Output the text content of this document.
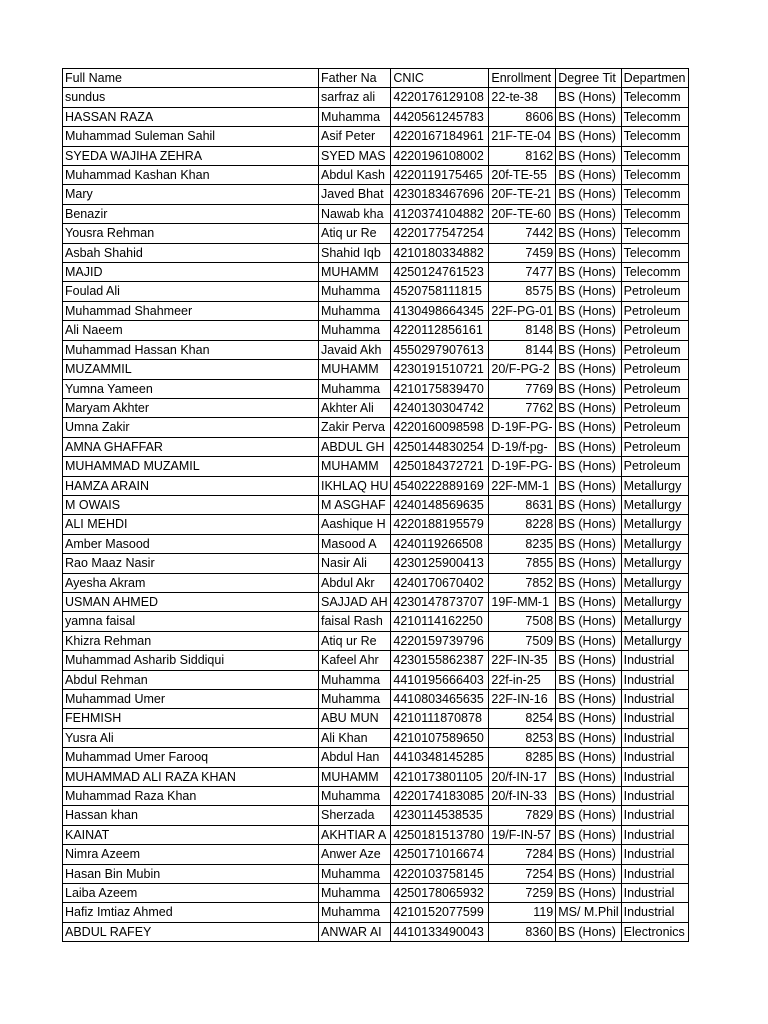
Full Name	Father Na	CNIC	Enrollment	Degree Tit	Departmen
sundus	sarfraz ali	4220176129108	22-te-38	BS (Hons)	Telecomm
HASSAN RAZA	Muhamma	4420561245783	8606	BS (Hons)	Telecomm
Muhammad Suleman Sahil	Asif Peter	4220167184961	21F-TE-04	BS (Hons)	Telecomm
SYEDA WAJIHA ZEHRA	SYED MAS	4220196108002	8162	BS (Hons)	Telecomm
Muhammad Kashan Khan	Abdul Kash	4220119175465	20f-TE-55	BS (Hons)	Telecomm
Mary	Javed Bhat	4230183467696	20F-TE-21	BS (Hons)	Telecomm
Benazir	Nawab kha	4120374104882	20F-TE-60	BS (Hons)	Telecomm
Yousra Rehman	Atiq ur Re	4220177547254	7442	BS (Hons)	Telecomm
Asbah Shahid	Shahid Iqb	4210180334882	7459	BS (Hons)	Telecomm
MAJID	MUHAMM	4250124761523	7477	BS (Hons)	Telecomm
Foulad Ali	Muhamma	4520758111815	8575	BS (Hons)	Petroleum
Muhammad Shahmeer	Muhamma	4130498664345	22F-PG-01	BS (Hons)	Petroleum
Ali Naeem	Muhamma	4220112856161	8148	BS (Hons)	Petroleum
Muhammad Hassan Khan	Javaid Akh	4550297907613	8144	BS (Hons)	Petroleum
MUZAMMIL	MUHAMM	4230191510721	20/F-PG-2	BS (Hons)	Petroleum
Yumna Yameen	Muhamma	4210175839470	7769	BS (Hons)	Petroleum
Maryam Akhter	Akhter Ali	4240130304742	7762	BS (Hons)	Petroleum
Umna Zakir	Zakir Perva	4220160098598	D-19F-PG-	BS (Hons)	Petroleum
AMNA GHAFFAR	ABDUL GH	4250144830254	D-19/f-pg-	BS (Hons)	Petroleum
MUHAMMAD MUZAMIL	MUHAMM	4250184372721	D-19F-PG-	BS (Hons)	Petroleum
HAMZA ARAIN	IKHLAQ HU	4540222889169	22F-MM-1	BS (Hons)	Metallurgy
M OWAIS	M ASGHAF	4240148569635	8631	BS (Hons)	Metallurgy
ALI MEHDI	Aashique H	4220188195579	8228	BS (Hons)	Metallurgy
Amber Masood	Masood A	4240119266508	8235	BS (Hons)	Metallurgy
Rao Maaz Nasir	Nasir Ali	4230125900413	7855	BS (Hons)	Metallurgy
Ayesha Akram	Abdul Akr	4240170670402	7852	BS (Hons)	Metallurgy
USMAN AHMED	SAJJAD AH	4230147873707	19F-MM-1	BS (Hons)	Metallurgy
yamna faisal	faisal Rash	4210114162250	7508	BS (Hons)	Metallurgy
Khizra Rehman	Atiq ur Re	4220159739796	7509	BS (Hons)	Metallurgy
Muhammad Asharib Siddiqui	Kafeel Ahr	4230155862387	22F-IN-35	BS (Hons)	Industrial
Abdul Rehman	Muhamma	4410195666403	22f-in-25	BS (Hons)	Industrial
Muhammad Umer	Muhamma	4410803465635	22F-IN-16	BS (Hons)	Industrial
FEHMISH	ABU MUN	4210111870878	8254	BS (Hons)	Industrial
Yusra Ali	Ali Khan	4210107589650	8253	BS (Hons)	Industrial
Muhammad Umer Farooq	Abdul Han	4410348145285	8285	BS (Hons)	Industrial
MUHAMMAD ALI RAZA KHAN	MUHAMM	4210173801105	20/f-IN-17	BS (Hons)	Industrial
Muhammad Raza Khan	Muhamma	4220174183085	20/f-IN-33	BS (Hons)	Industrial
Hassan khan	Sherzada	4230114538535	7829	BS (Hons)	Industrial
KAINAT	AKHTIAR A	4250181513780	19/F-IN-57	BS (Hons)	Industrial
Nimra Azeem	Anwer Aze	4250171016674	7284	BS (Hons)	Industrial
Hasan Bin Mubin	Muhamma	4220103758145	7254	BS (Hons)	Industrial
Laiba Azeem	Muhamma	4250178065932	7259	BS (Hons)	Industrial
Hafiz Imtiaz Ahmed	Muhamma	4210152077599	119	MS/ M.Phil	Industrial
ABDUL RAFEY	ANWAR AI	4410133490043	8360	BS (Hons)	Electronics
